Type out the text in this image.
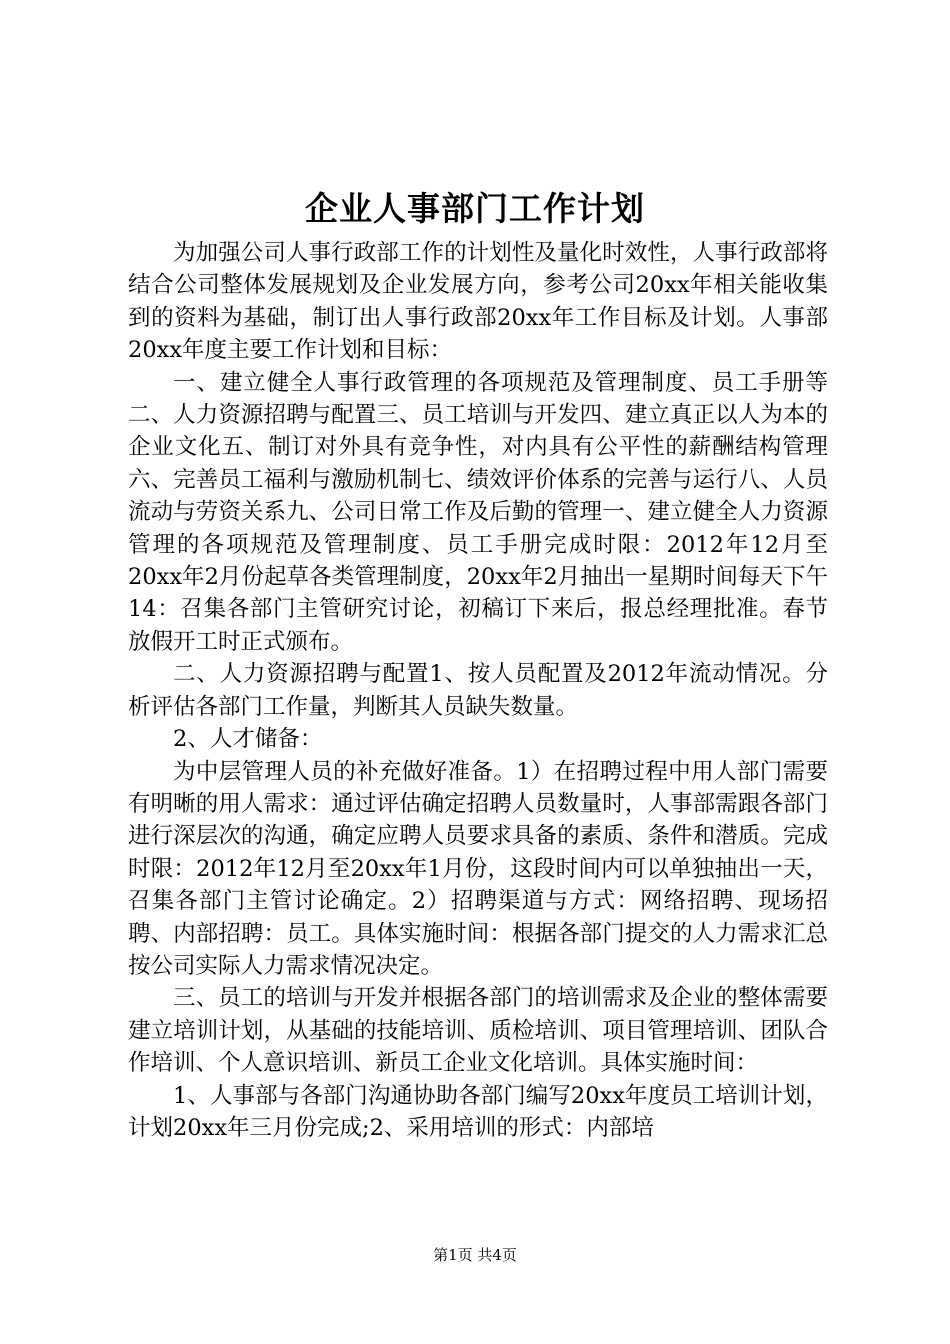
企业人事部门工作计划

为加强公司人事行政部工作的计划性及量化时效性，人事行政部将结合公司整体发展规划及企业发展方向，参考公司20xx年相关能收集到的资料为基础，制订出人事行政部20xx年工作目标及计划。人事部20xx年度主要工作计划和目标：

一、建立健全人事行政管理的各项规范及管理制度、员工手册等二、人力资源招聘与配置三、员工培训与开发四、建立真正以人为本的企业文化五、制订对外具有竞争性，对内具有公平性的薪酬结构管理六、完善员工福利与激励机制七、绩效评价体系的完善与运行八、人员流动与劳资关系九、公司日常工作及后勤的管理一、建立健全人力资源管理的各项规范及管理制度、员工手册完成时限：2012年12月至20xx年2月份起草各类管理制度，20xx年2月抽出一星期时间每天下午14：召集各部门主管研究讨论，初稿订下来后，报总经理批准。春节放假开工时正式颁布。

二、人力资源招聘与配置1、按人员配置及2012年流动情况。分析评估各部门工作量，判断其人员缺失数量。

2、人才储备：

为中层管理人员的补充做好准备。1）在招聘过程中用人部门需要有明晰的用人需求：通过评估确定招聘人员数量时，人事部需跟各部门进行深层次的沟通，确定应聘人员要求具备的素质、条件和潜质。完成时限：2012年12月至20xx年1月份，这段时间内可以单独抽出一天，召集各部门主管讨论确定。2）招聘渠道与方式：网络招聘、现场招聘、内部招聘：员工。具体实施时间：根据各部门提交的人力需求汇总按公司实际人力需求情况决定。

三、员工的培训与开发并根据各部门的培训需求及企业的整体需要建立培训计划，从基础的技能培训、质检培训、项目管理培训、团队合作培训、个人意识培训、新员工企业文化培训。具体实施时间：

1、人事部与各部门沟通协助各部门编写20xx年度员工培训计划，计划20xx年三月份完成;2、采用培训的形式：内部培

第1页 共4页
